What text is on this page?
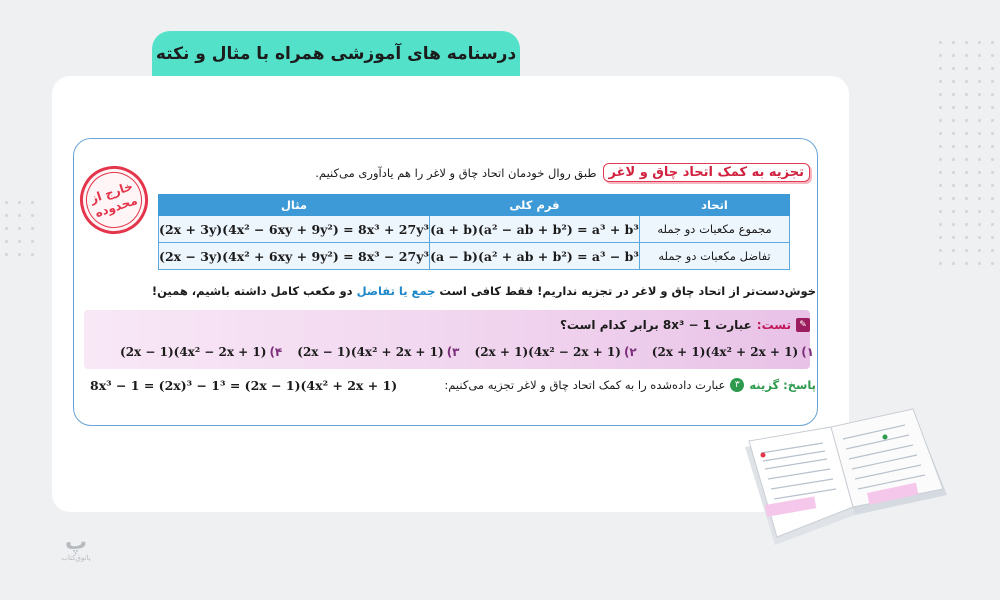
درسنامه های آموزشی همراه با مثال و نکته
خارج از محدوده
تجزیه به کمک اتحاد چاق و لاغر
طبق روال خودمان اتحاد چاق و لاغر را هم یادآوری می‌کنیم.
اتحاد	فرم کلی	مثال
مجموع مکعبات دو جمله	(a + b)(a² − ab + b²) = a³ + b³	(2x + 3y)(4x² − 6xy + 9y²) = 8x³ + 27y³
تفاضل مکعبات دو جمله	(a − b)(a² + ab + b²) = a³ − b³	(2x − 3y)(4x² + 6xy + 9y²) = 8x³ − 27y³
خوش‌دست‌تر از اتحاد چاق و لاغر در تجزیه نداریم! فقط کافی است جمع یا تفاضل دو مکعب کامل داشته باشیم، همین!
✎
تست:
عبارت 8x³ − 1 برابر کدام است؟
۱)(2x + 1)(4x² + 2x + 1)
۲)(2x + 1)(4x² − 2x + 1)
۳)(2x − 1)(4x² + 2x + 1)
۴)(2x − 1)(4x² − 2x + 1)
پاسخ: گزینه
۳
عبارت داده‌شده را به کمک اتحاد چاق و لاغر تجزیه می‌کنیم:
8x³ − 1 = (2x)³ − 1³ = (2x − 1)(4x² + 2x + 1)
پ
پاتوق‌کتاب
